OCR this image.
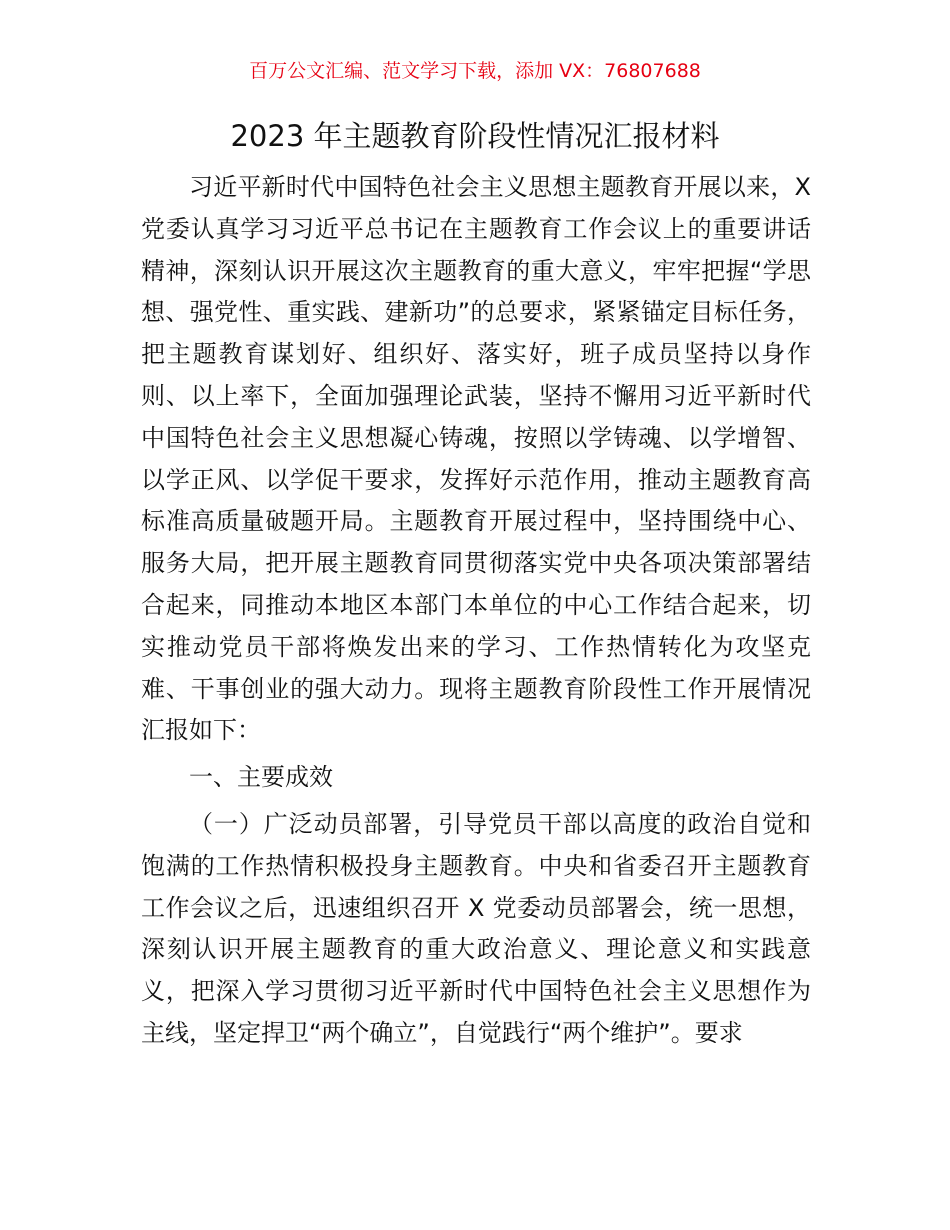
百万公文汇编、范文学习下载，添加 VX：76807688
2023 年主题教育阶段性情况汇报材料

习近平新时代中国特色社会主义思想主题教育开展以来，X 党委认真学习习近平总书记在主题教育工作会议上的重要讲话精神，深刻认识开展这次主题教育的重大意义，牢牢把握“学思想、强党性、重实践、建新功”的总要求，紧紧锚定目标任务，把主题教育谋划好、组织好、落实好，班子成员坚持以身作则、以上率下，全面加强理论武装，坚持不懈用习近平新时代中国特色社会主义思想凝心铸魂，按照以学铸魂、以学增智、以学正风、以学促干要求，发挥好示范作用，推动主题教育高标准高质量破题开局。主题教育开展过程中，坚持围绕中心、服务大局，把开展主题教育同贯彻落实党中央各项决策部署结合起来，同推动本地区本部门本单位的中心工作结合起来，切实推动党员干部将焕发出来的学习、工作热情转化为攻坚克难、干事创业的强大动力。现将主题教育阶段性工作开展情况汇报如下：

一、主要成效

（一）广泛动员部署，引导党员干部以高度的政治自觉和饱满的工作热情积极投身主题教育。中央和省委召开主题教育工作会议之后，迅速组织召开 X 党委动员部署会，统一思想，深刻认识开展主题教育的重大政治意义、理论意义和实践意义，把深入学习贯彻习近平新时代中国特色社会主义思想作为主线，坚定捍卫“两个确立”，自觉践行“两个维护”。要求
